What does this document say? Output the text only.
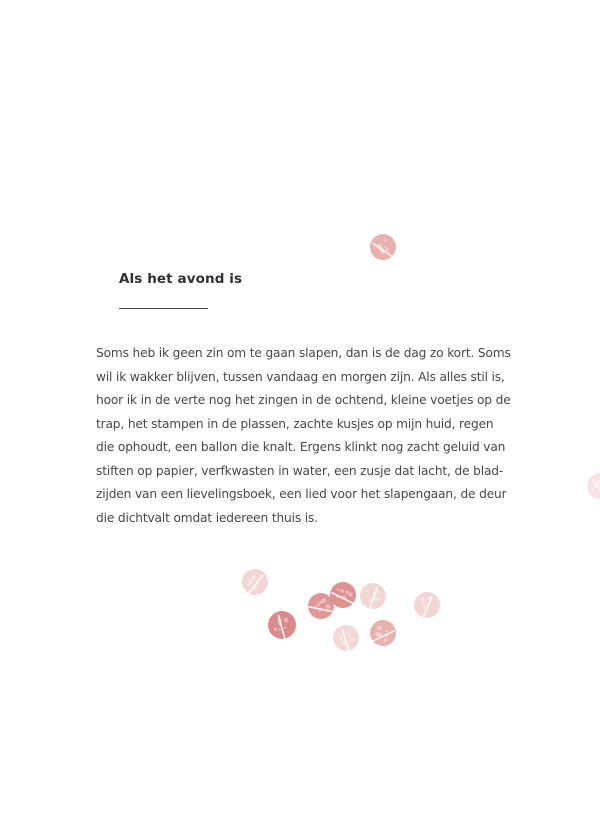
Als het avond is

Soms heb ik geen zin om te gaan slapen, dan is de dag zo kort. Soms
wil ik wakker blijven, tussen vandaag en morgen zijn. Als alles stil is,
hoor ik in de verte nog het zingen in de ochtend, kleine voetjes op de
trap, het stampen in de plassen, zachte kusjes op mijn huid, regen
die ophoudt, een ballon die knalt. Ergens klinkt nog zacht geluid van
stiften op papier, verfkwasten in water, een zusje dat lacht, de blad-
zijden van een lievelingsboek, een lied voor het slapengaan, de deur
die dichtvalt omdat iedereen thuis is.
